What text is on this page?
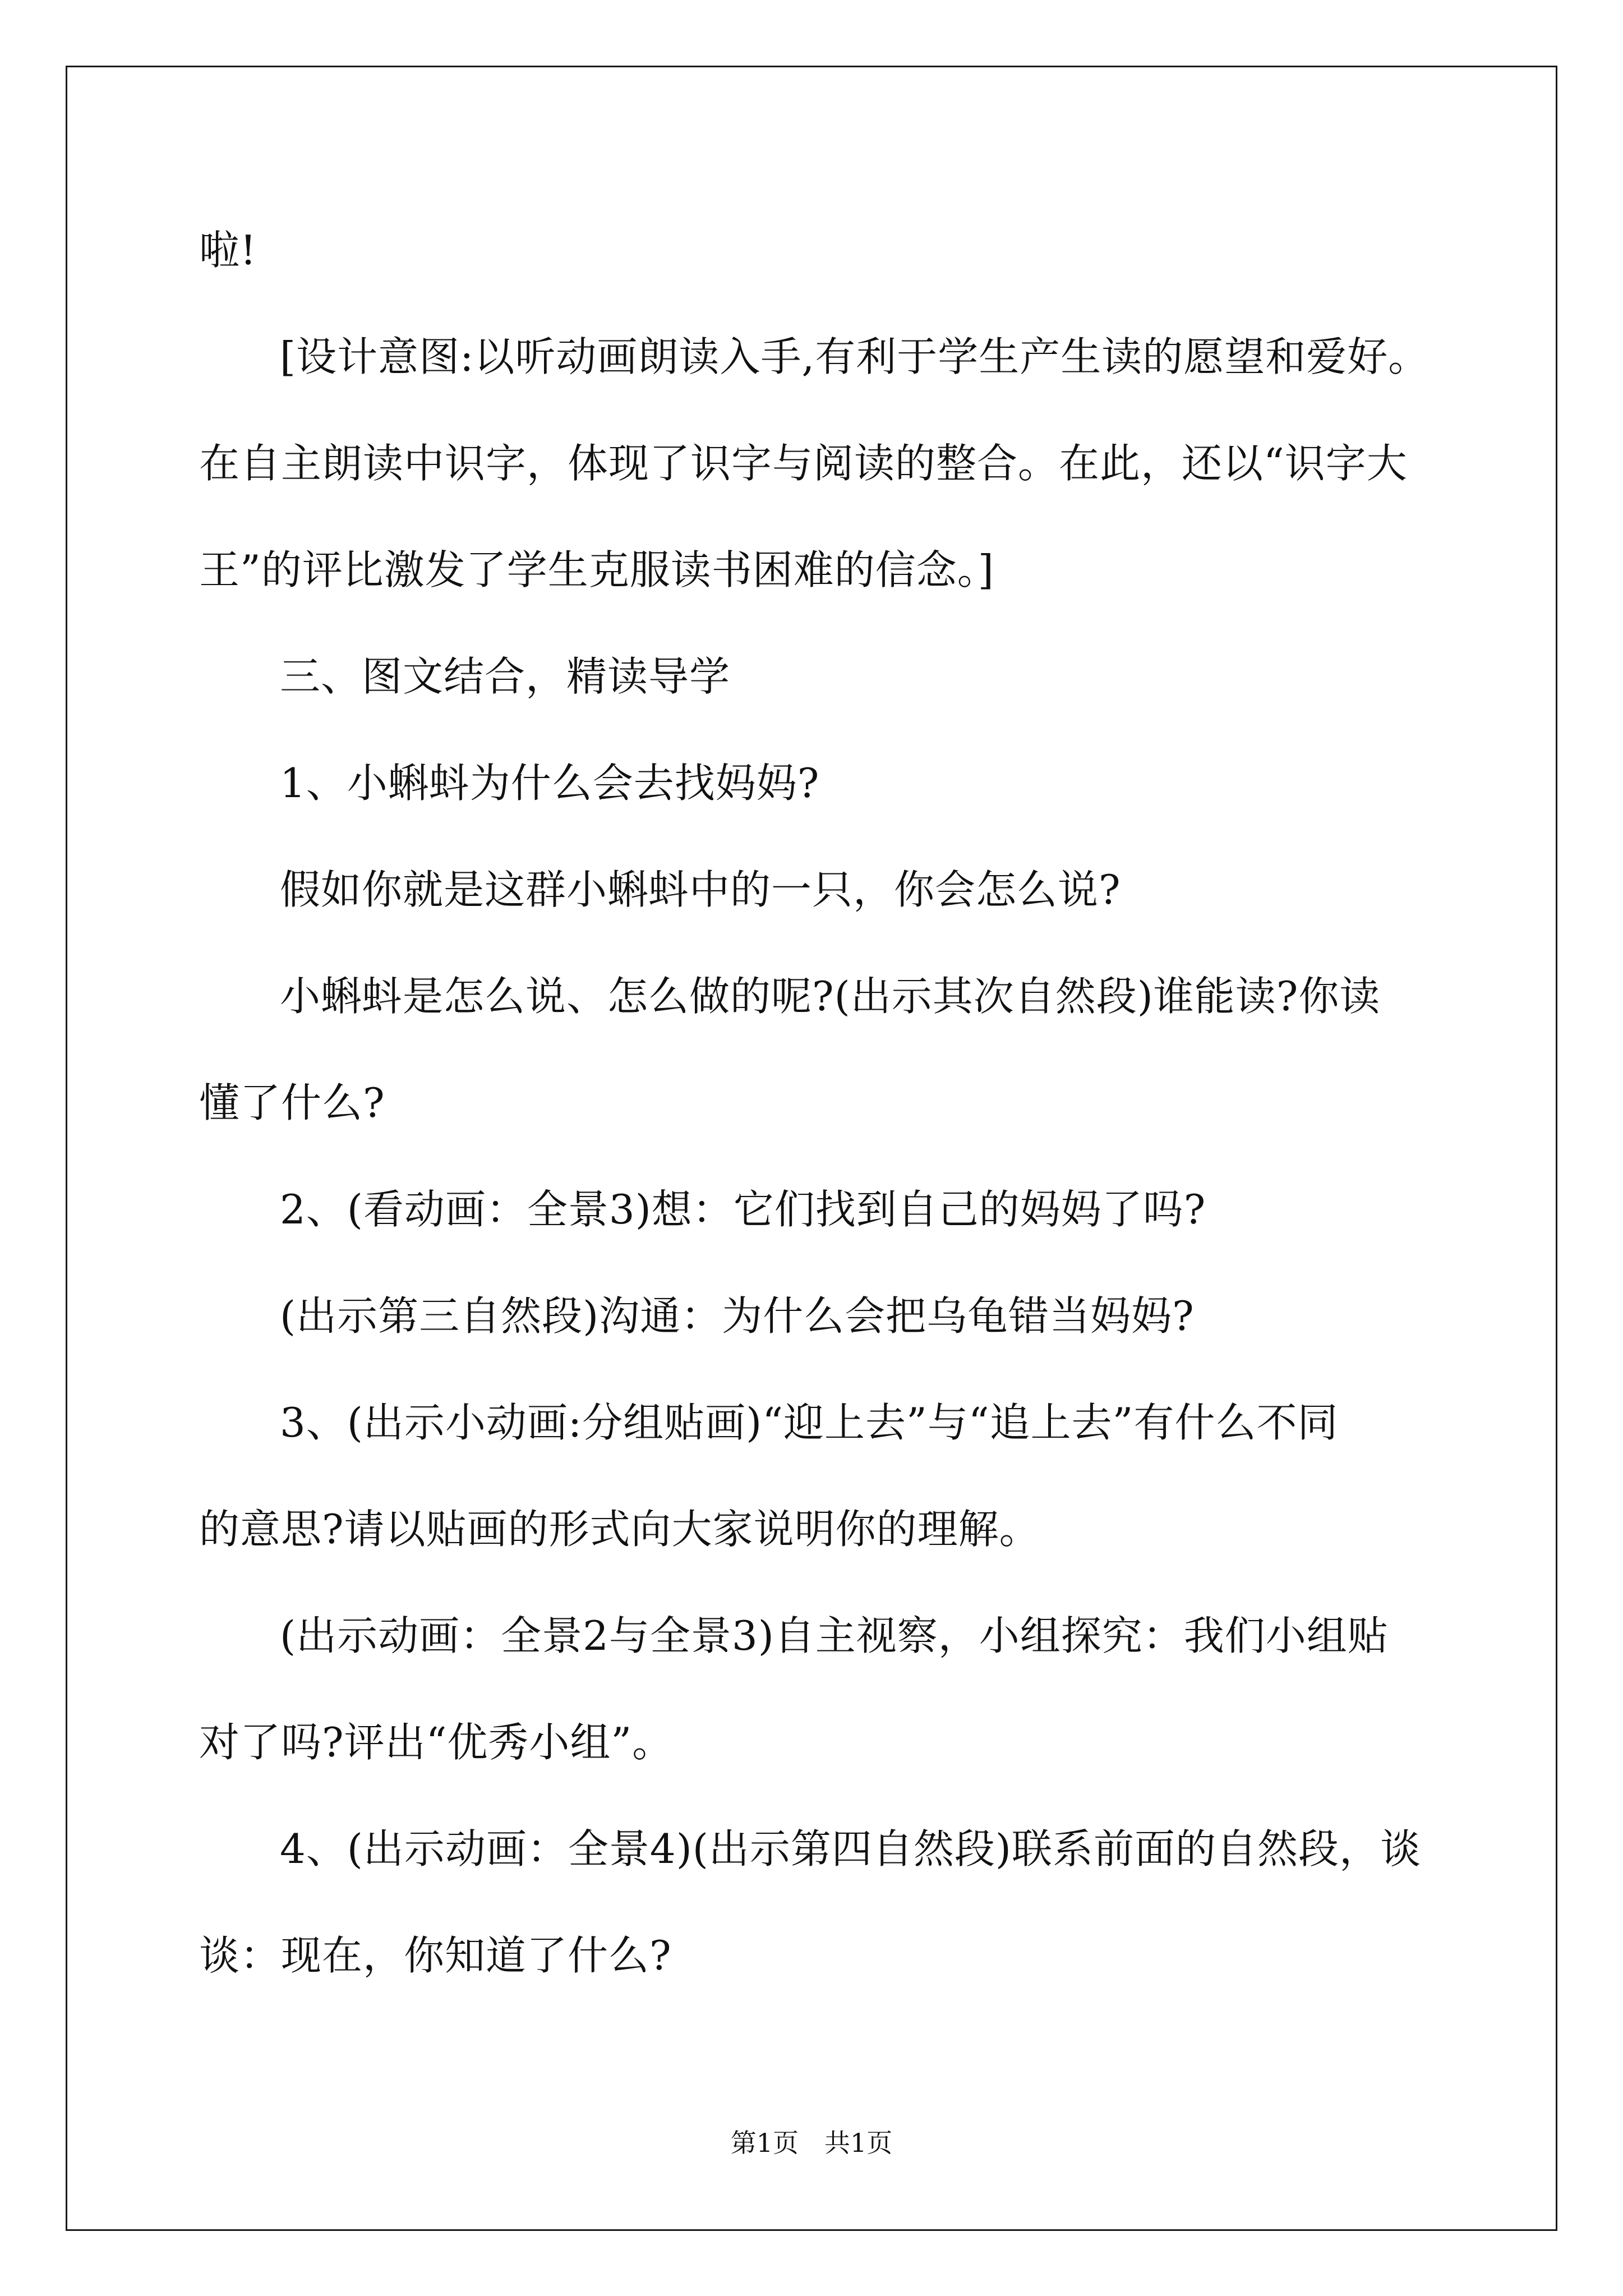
啦!
[设计意图:以听动画朗读入手,有利于学生产生读的愿望和爱好。
在自主朗读中识字，体现了识字与阅读的整合。在此，还以“识字大
王”的评比激发了学生克服读书困难的信念。]
三、图文结合，精读导学
1、小蝌蚪为什么会去找妈妈?
假如你就是这群小蝌蚪中的一只，你会怎么说?
小蝌蚪是怎么说、怎么做的呢?(出示其次自然段)谁能读?你读
懂了什么?
2、(看动画：全景3)想：它们找到自己的妈妈了吗?
(出示第三自然段)沟通：为什么会把乌龟错当妈妈?
3、(出示小动画:分组贴画)“迎上去”与“追上去”有什么不同
的意思?请以贴画的形式向大家说明你的理解。
(出示动画：全景2与全景3)自主视察，小组探究：我们小组贴
对了吗?评出“优秀小组”。
4、(出示动画：全景4)(出示第四自然段)联系前面的自然段，谈
谈：现在，你知道了什么?
第1页　共1页
